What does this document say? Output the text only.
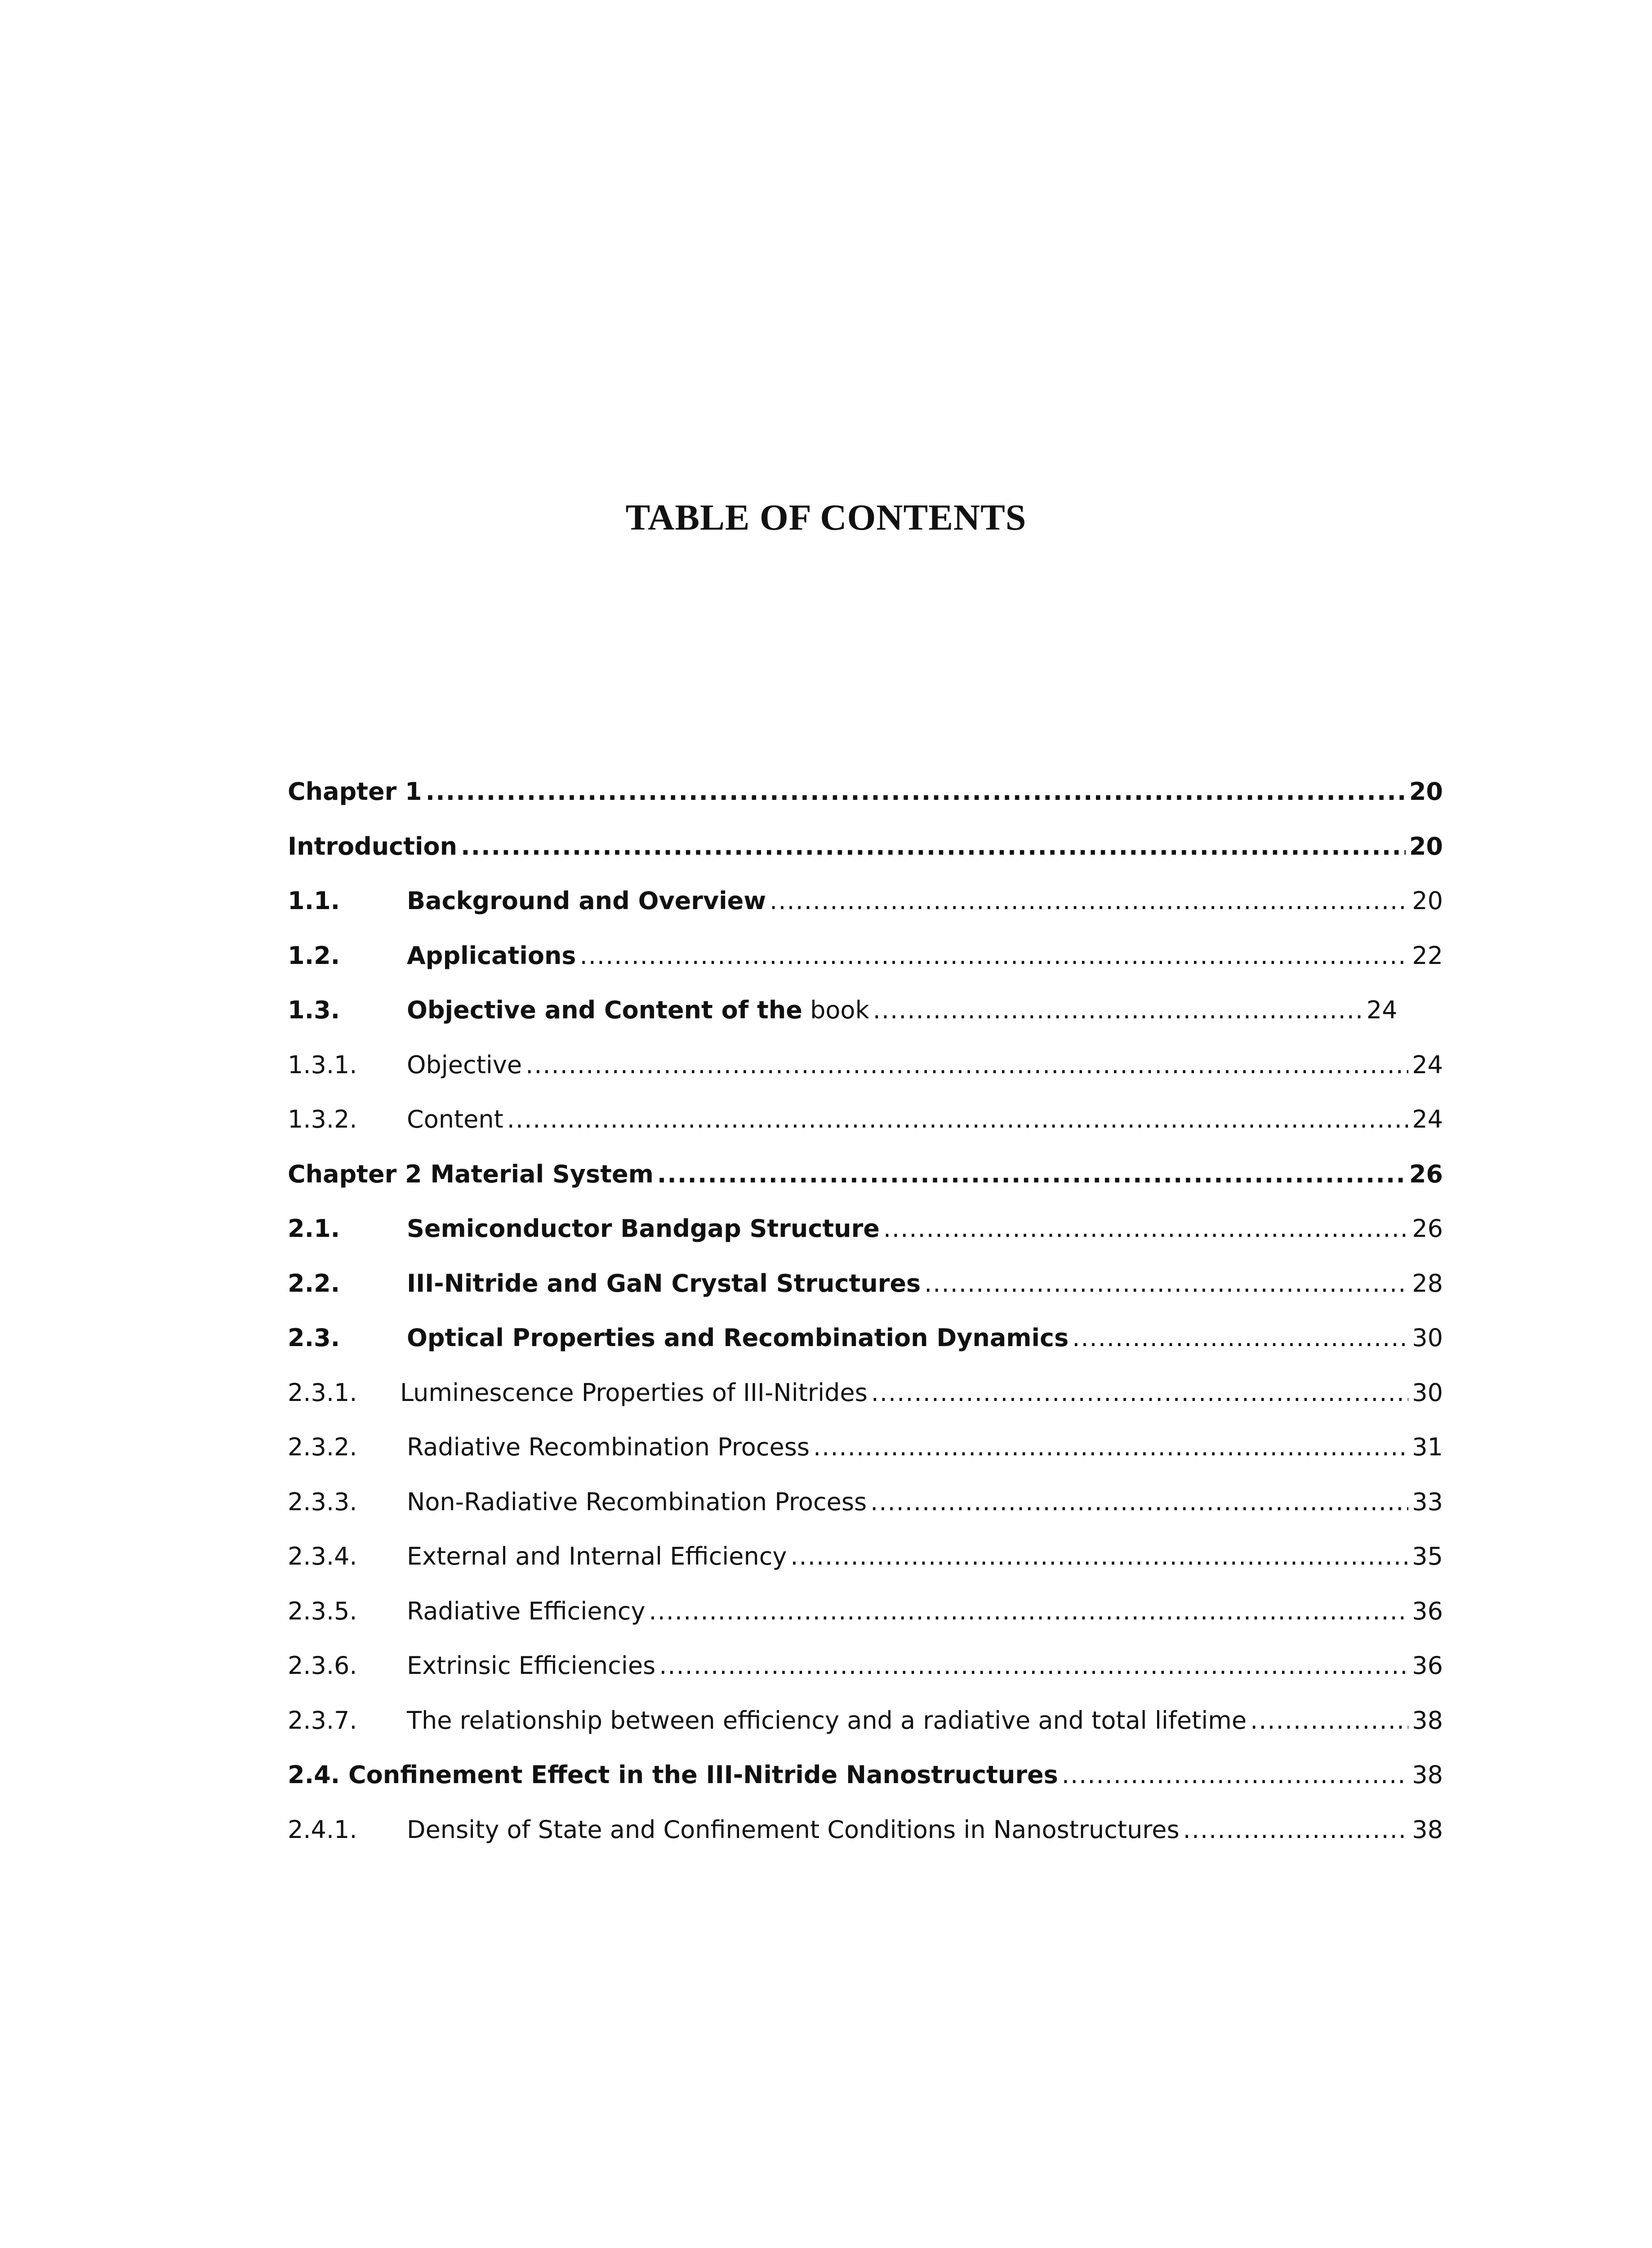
TABLE OF CONTENTS
Chapter 1 .....	20
Introduction .....	20
1.1.	Background and Overview .....	20
1.2.	Applications .....	22
1.3.	Objective and Content of the book .....	24
1.3.1.	Objective .....	24
1.3.2.	Content .....	24
Chapter 2 Material System .....	26
2.1.	Semiconductor Bandgap Structure .....	26
2.2.	III-Nitride and GaN Crystal Structures .....	28
2.3.	Optical Properties and Recombination Dynamics .....	30
2.3.1.	Luminescence Properties of III-Nitrides .....	30
2.3.2.	Radiative Recombination Process .....	31
2.3.3.	Non-Radiative Recombination Process .....	33
2.3.4.	External and Internal Efficiency .....	35
2.3.5.	Radiative Efficiency .....	36
2.3.6.	Extrinsic Efficiencies .....	36
2.3.7.	The relationship between efficiency and a radiative and total lifetime .....	38
2.4. Confinement Effect in the III-Nitride Nanostructures .....	38
2.4.1.	Density of State and Confinement Conditions in Nanostructures .....	38
